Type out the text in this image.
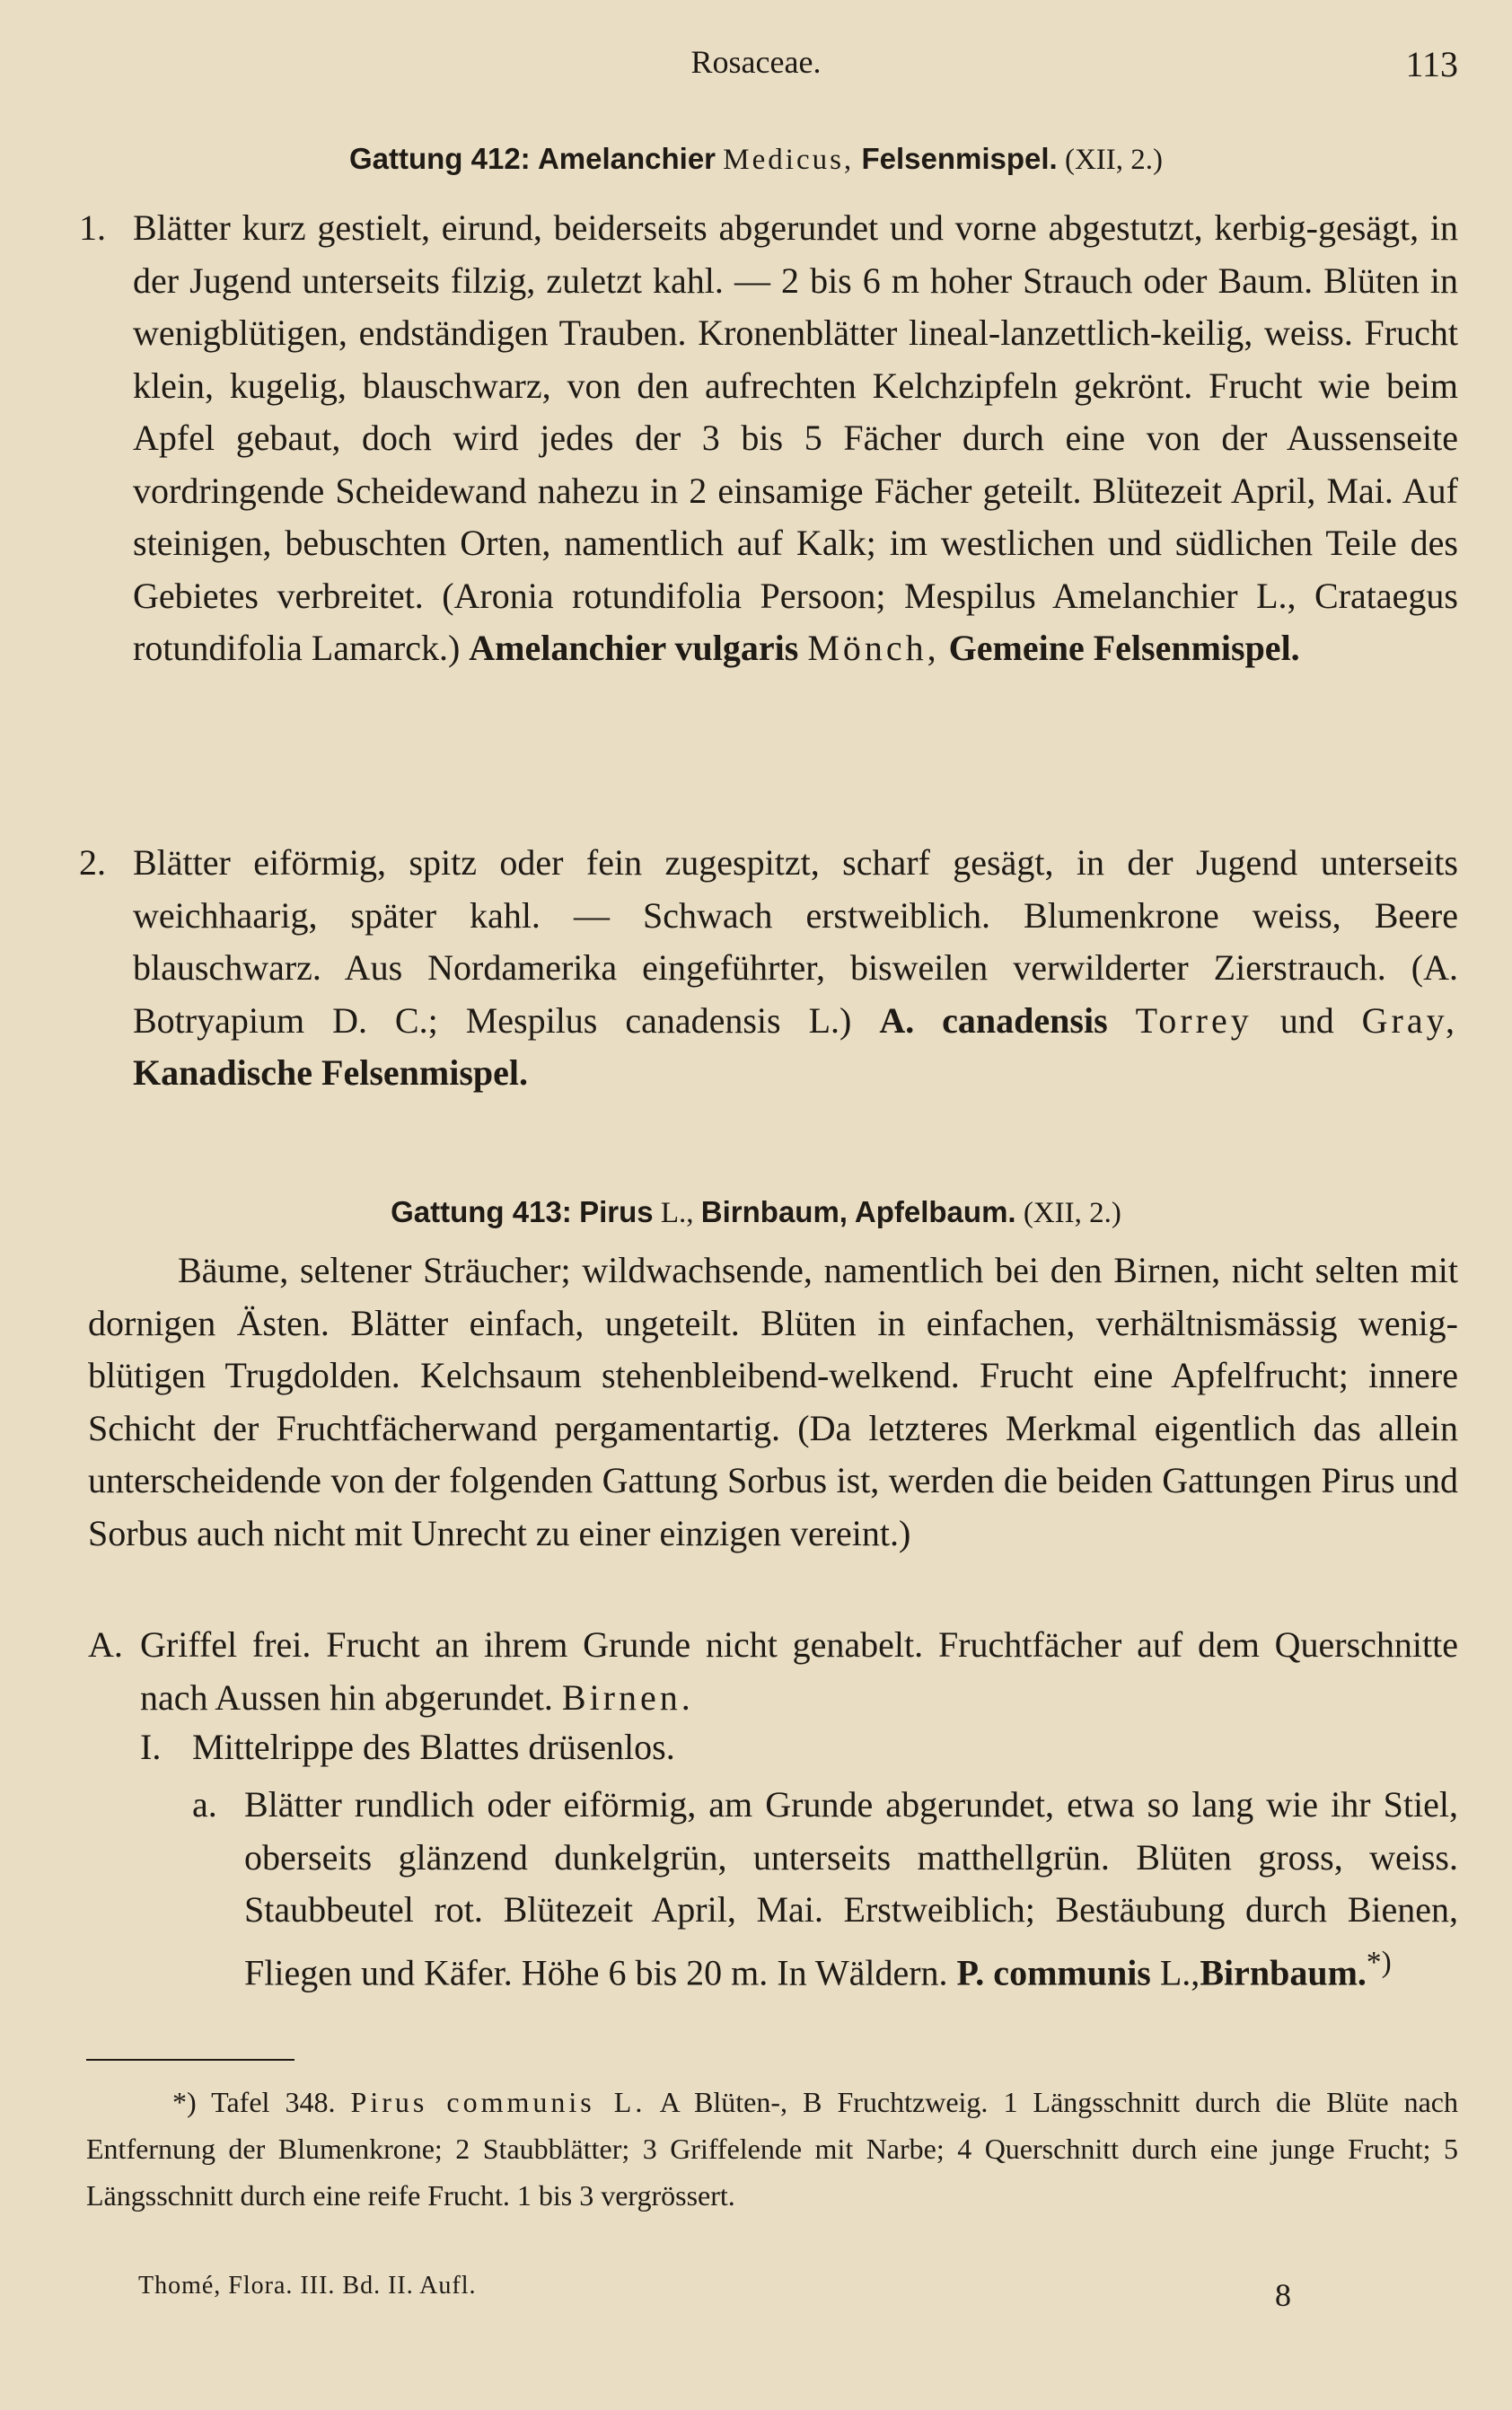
Rosaceae.	113
Gattung 412: Amelanchier Medicus, Felsenmispel. (XII, 2.)
1. Blätter kurz gestielt, eirund, beiderseits abgerundet und vorne abgestutzt, kerbig-gesägt, in der Jugend unterseits filzig, zuletzt kahl. — 2 bis 6 m hoher Strauch oder Baum. Blüten in wenigblütigen, endständigen Trauben. Kronenblätter lineal-lanzettlich-keilig, weiss. Frucht klein, kugelig, blauschwarz, von den aufrechten Kelchzipfeln gekrönt. Frucht wie beim Apfel gebaut, doch wird jedes der 3 bis 5 Fächer durch eine von der Aussenseite vordringende Scheidewand nahezu in 2 einsamige Fächer geteilt. Blütezeit April, Mai. Auf steinigen, bebuschten Orten, namentlich auf Kalk; im westlichen und südlichen Teile des Gebietes verbreitet. (Aronia rotundifolia Persoon; Mespilus Amelanchier L., Crataegus rotundifolia Lamarck.) Amelanchier vulgaris Mönch, Gemeine Felsenmispel.
2. Blätter eiförmig, spitz oder fein zugespitzt, scharf gesägt, in der Jugend unterseits weichhaarig, später kahl. — Schwach erstweiblich. Blumenkrone weiss, Beere blauschwarz. Aus Nordamerika eingeführter, bisweilen verwilderter Zierstrauch. (A. Botryapium D. C.; Mespilus canadensis L.) A. canadensis Torrey und Gray, Kanadische Felsenmispel.
Gattung 413: Pirus L., Birnbaum, Apfelbaum. (XII, 2.)
Bäume, seltener Sträucher; wildwachsende, namentlich bei den Birnen, nicht selten mit dornigen Ästen. Blätter einfach, ungeteilt. Blüten in einfachen, verhältnismässig wenig-blütigen Trugdolden. Kelchsaum stehenbleibend-welkend. Frucht eine Apfelfrucht; innere Schicht der Fruchtfächerwand pergamentartig. (Da letzteres Merkmal eigentlich das allein unterscheidende von der folgenden Gattung Sorbus ist, werden die beiden Gattungen Pirus und Sorbus auch nicht mit Unrecht zu einer einzigen vereint.)
A. Griffel frei. Frucht an ihrem Grunde nicht genabelt. Fruchtfächer auf dem Querschnitte nach Aussen hin abgerundet. Birnen.
I. Mittelrippe des Blattes drüsenlos.
a. Blätter rundlich oder eiförmig, am Grunde abgerundet, etwa so lang wie ihr Stiel, oberseits glänzend dunkelgrün, unterseits matthellgrün. Blüten gross, weiss. Staubbeutel rot. Blütezeit April, Mai. Erstweiblich; Bestäubung durch Bienen, Fliegen und Käfer. Höhe 6 bis 20 m. In Wäldern. P. communis L.,Birnbaum.*)
*) Tafel 348. Pirus communis L. A Blüten-, B Fruchtzweig. 1 Längsschnitt durch die Blüte nach Entfernung der Blumenkrone; 2 Staubblätter; 3 Griffelende mit Narbe; 4 Querschnitt durch eine junge Frucht; 5 Längsschnitt durch eine reife Frucht. 1 bis 3 vergrössert.
Thomé, Flora. III. Bd. II. Aufl.	8
